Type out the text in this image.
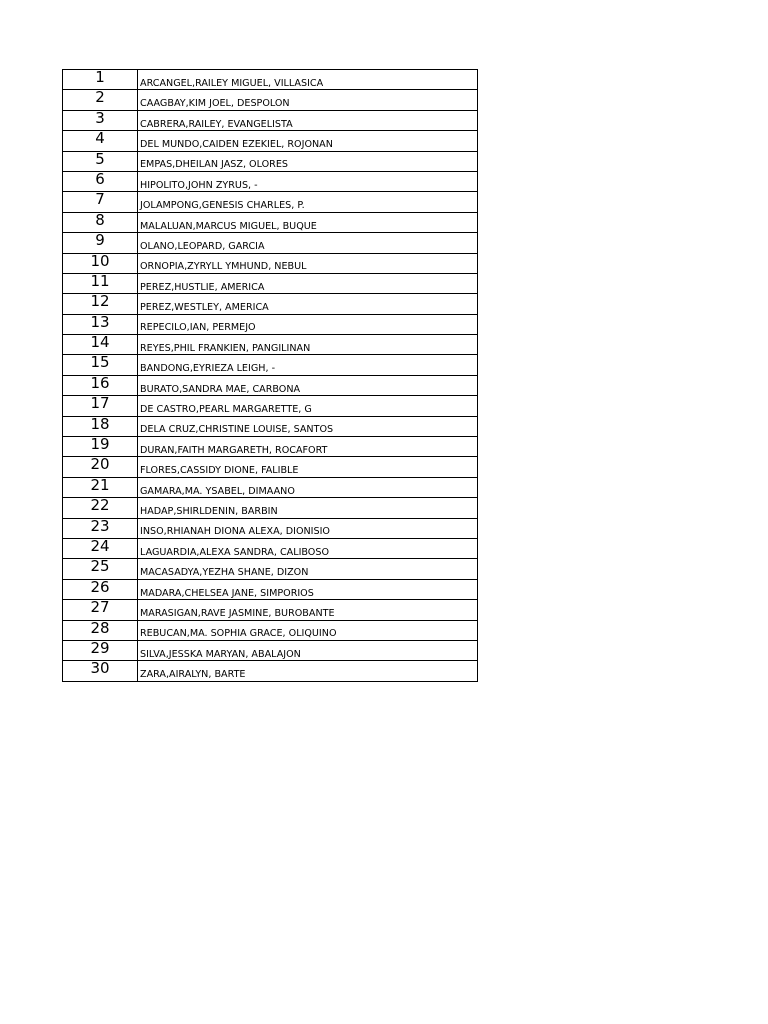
1	ARCANGEL,RAILEY MIGUEL, VILLASICA
2	CAAGBAY,KIM JOEL, DESPOLON
3	CABRERA,RAILEY, EVANGELISTA
4	DEL MUNDO,CAIDEN EZEKIEL, ROJONAN
5	EMPAS,DHEILAN JASZ, OLORES
6	HIPOLITO,JOHN ZYRUS, -
7	JOLAMPONG,GENESIS CHARLES, P.
8	MALALUAN,MARCUS MIGUEL, BUQUE
9	OLANO,LEOPARD, GARCIA
10	ORNOPIA,ZYRYLL YMHUND, NEBUL
11	PEREZ,HUSTLIE, AMERICA
12	PEREZ,WESTLEY, AMERICA
13	REPECILO,IAN, PERMEJO
14	REYES,PHIL FRANKIEN, PANGILINAN
15	BANDONG,EYRIEZA LEIGH, -
16	BURATO,SANDRA MAE, CARBONA
17	DE CASTRO,PEARL MARGARETTE, G
18	DELA CRUZ,CHRISTINE LOUISE, SANTOS
19	DURAN,FAITH MARGARETH, ROCAFORT
20	FLORES,CASSIDY DIONE, FALIBLE
21	GAMARA,MA. YSABEL, DIMAANO
22	HADAP,SHIRLDENIN, BARBIN
23	INSO,RHIANAH DIONA ALEXA, DIONISIO
24	LAGUARDIA,ALEXA SANDRA, CALIBOSO
25	MACASADYA,YEZHA SHANE, DIZON
26	MADARA,CHELSEA JANE, SIMPORIOS
27	MARASIGAN,RAVE JASMINE, BUROBANTE
28	REBUCAN,MA. SOPHIA GRACE, OLIQUINO
29	SILVA,JESSKA MARYAN, ABALAJON
30	ZARA,AIRALYN, BARTE
